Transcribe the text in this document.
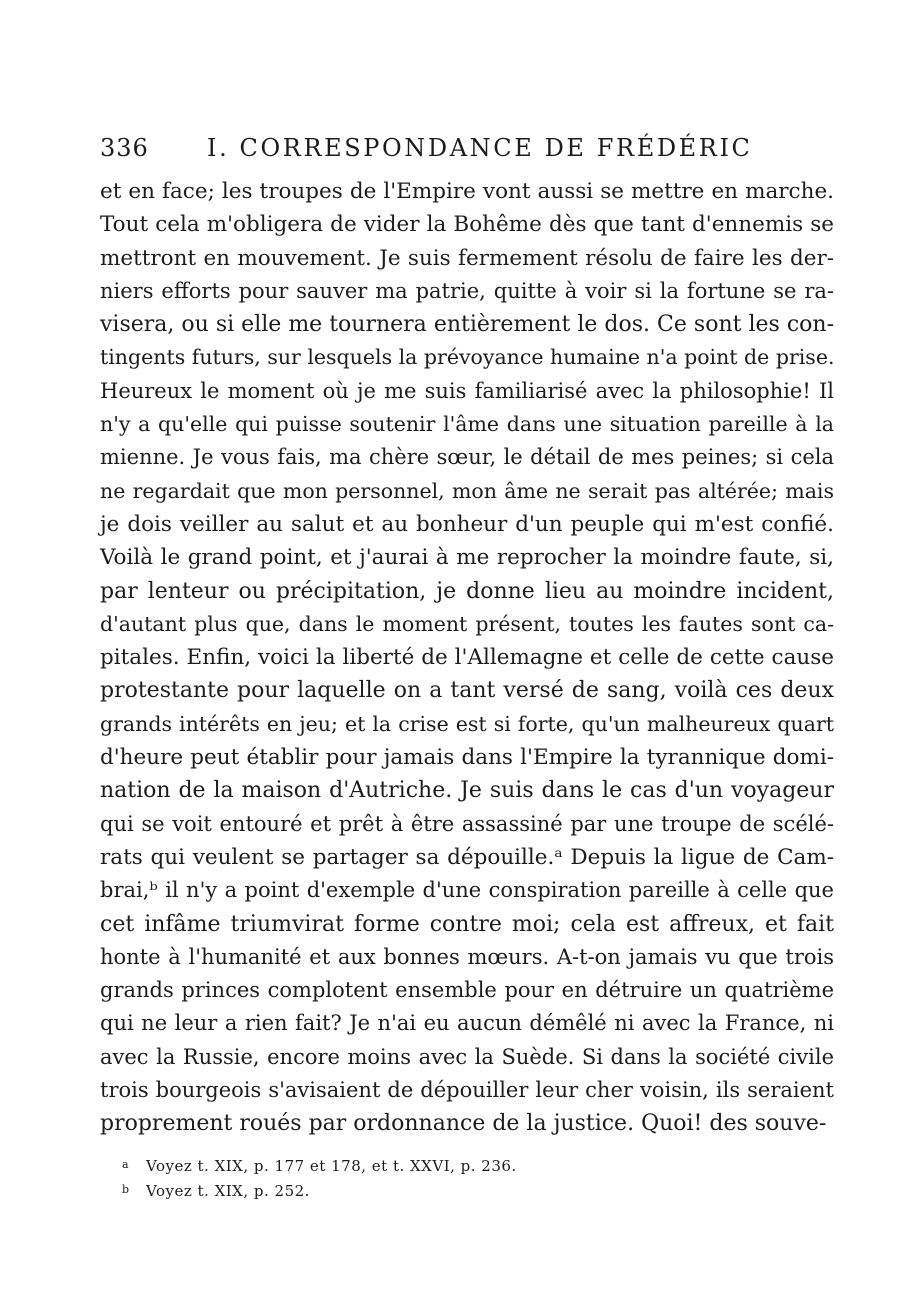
336 I. CORRESPONDANCE DE FRÉDÉRIC
et en face; les troupes de l'Empire vont aussi se mettre en marche.
Tout cela m'obligera de vider la Bohême dès que tant d'ennemis se
mettront en mouvement. Je suis fermement résolu de faire les der-
niers efforts pour sauver ma patrie, quitte à voir si la fortune se ra-
visera, ou si elle me tournera entièrement le dos. Ce sont les con-
tingents futurs, sur lesquels la prévoyance humaine n'a point de prise.
Heureux le moment où je me suis familiarisé avec la philosophie! Il
n'y a qu'elle qui puisse soutenir l'âme dans une situation pareille à la
mienne. Je vous fais, ma chère sœur, le détail de mes peines; si cela
ne regardait que mon personnel, mon âme ne serait pas altérée; mais
je dois veiller au salut et au bonheur d'un peuple qui m'est confié.
Voilà le grand point, et j'aurai à me reprocher la moindre faute, si,
par lenteur ou précipitation, je donne lieu au moindre incident,
d'autant plus que, dans le moment présent, toutes les fautes sont ca-
pitales. Enfin, voici la liberté de l'Allemagne et celle de cette cause
protestante pour laquelle on a tant versé de sang, voilà ces deux
grands intérêts en jeu; et la crise est si forte, qu'un malheureux quart
d'heure peut établir pour jamais dans l'Empire la tyrannique domi-
nation de la maison d'Autriche. Je suis dans le cas d'un voyageur
qui se voit entouré et prêt à être assassiné par une troupe de scélé-
rats qui veulent se partager sa dépouille.ᵃ Depuis la ligue de Cam-
brai,ᵇ il n'y a point d'exemple d'une conspiration pareille à celle que
cet infâme triumvirat forme contre moi; cela est affreux, et fait
honte à l'humanité et aux bonnes mœurs. A-t-on jamais vu que trois
grands princes complotent ensemble pour en détruire un quatrième
qui ne leur a rien fait? Je n'ai eu aucun démêlé ni avec la France, ni
avec la Russie, encore moins avec la Suède. Si dans la société civile
trois bourgeois s'avisaient de dépouiller leur cher voisin, ils seraient
proprement roués par ordonnance de la justice. Quoi! des souve-
a Voyez t. XIX, p. 177 et 178, et t. XXVI, p. 236.
b Voyez t. XIX, p. 252.
